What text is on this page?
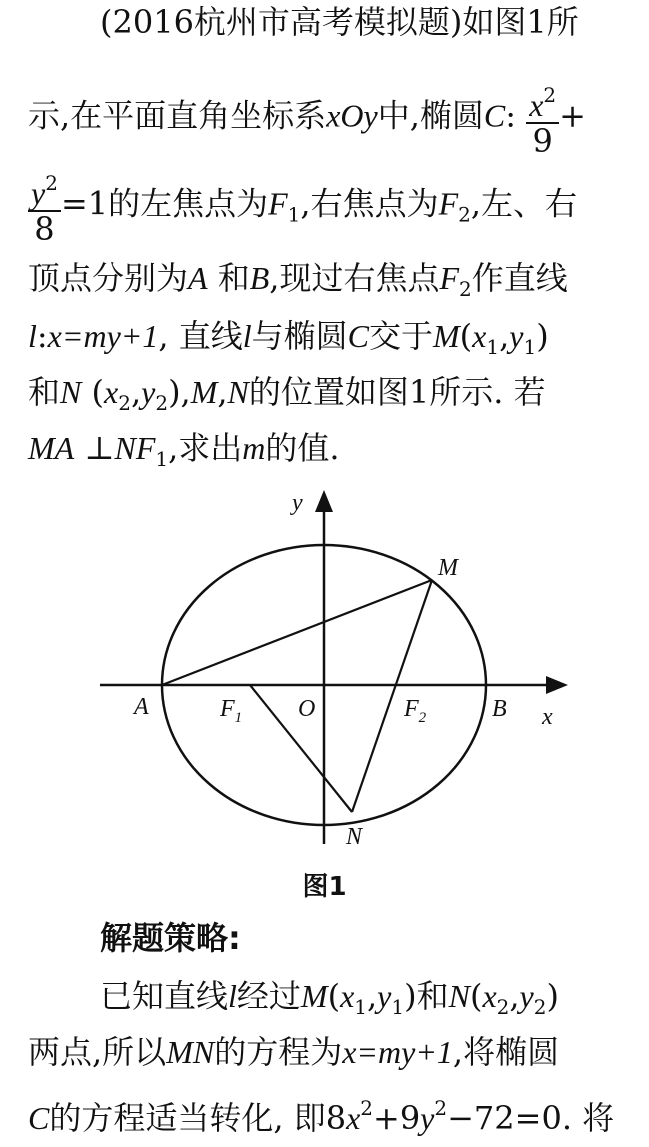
(2016杭州市高考模拟题)如图1所
示,在平面直角坐标系xOy中,椭圆C: $\frac{x^2}{9}$ +
$\frac{y^2}{8} =1$的左焦点为$F_1$,右焦点为$F_2$,左、右
顶点分别为A 和B,现过右焦点$F_2$作直线
l:x=my+1, 直线l与椭圆C交于$M(x_1,y_1)$
和N $(x_2,y_2),M,N$的位置如图1所示. 若
MA $\perp NF_1$,求出m的值.
y
M
A	$F_1$ O	$F_2$	B x
N
图1
解题策略:
已知直线l经过$M(x_1,y_1)$和$N(x_2,y_2)$
两点,所以MN的方程为x=my+1,将椭圆
C的方程适当转化, 即$8x^2+9y^2-72=0$. 将
